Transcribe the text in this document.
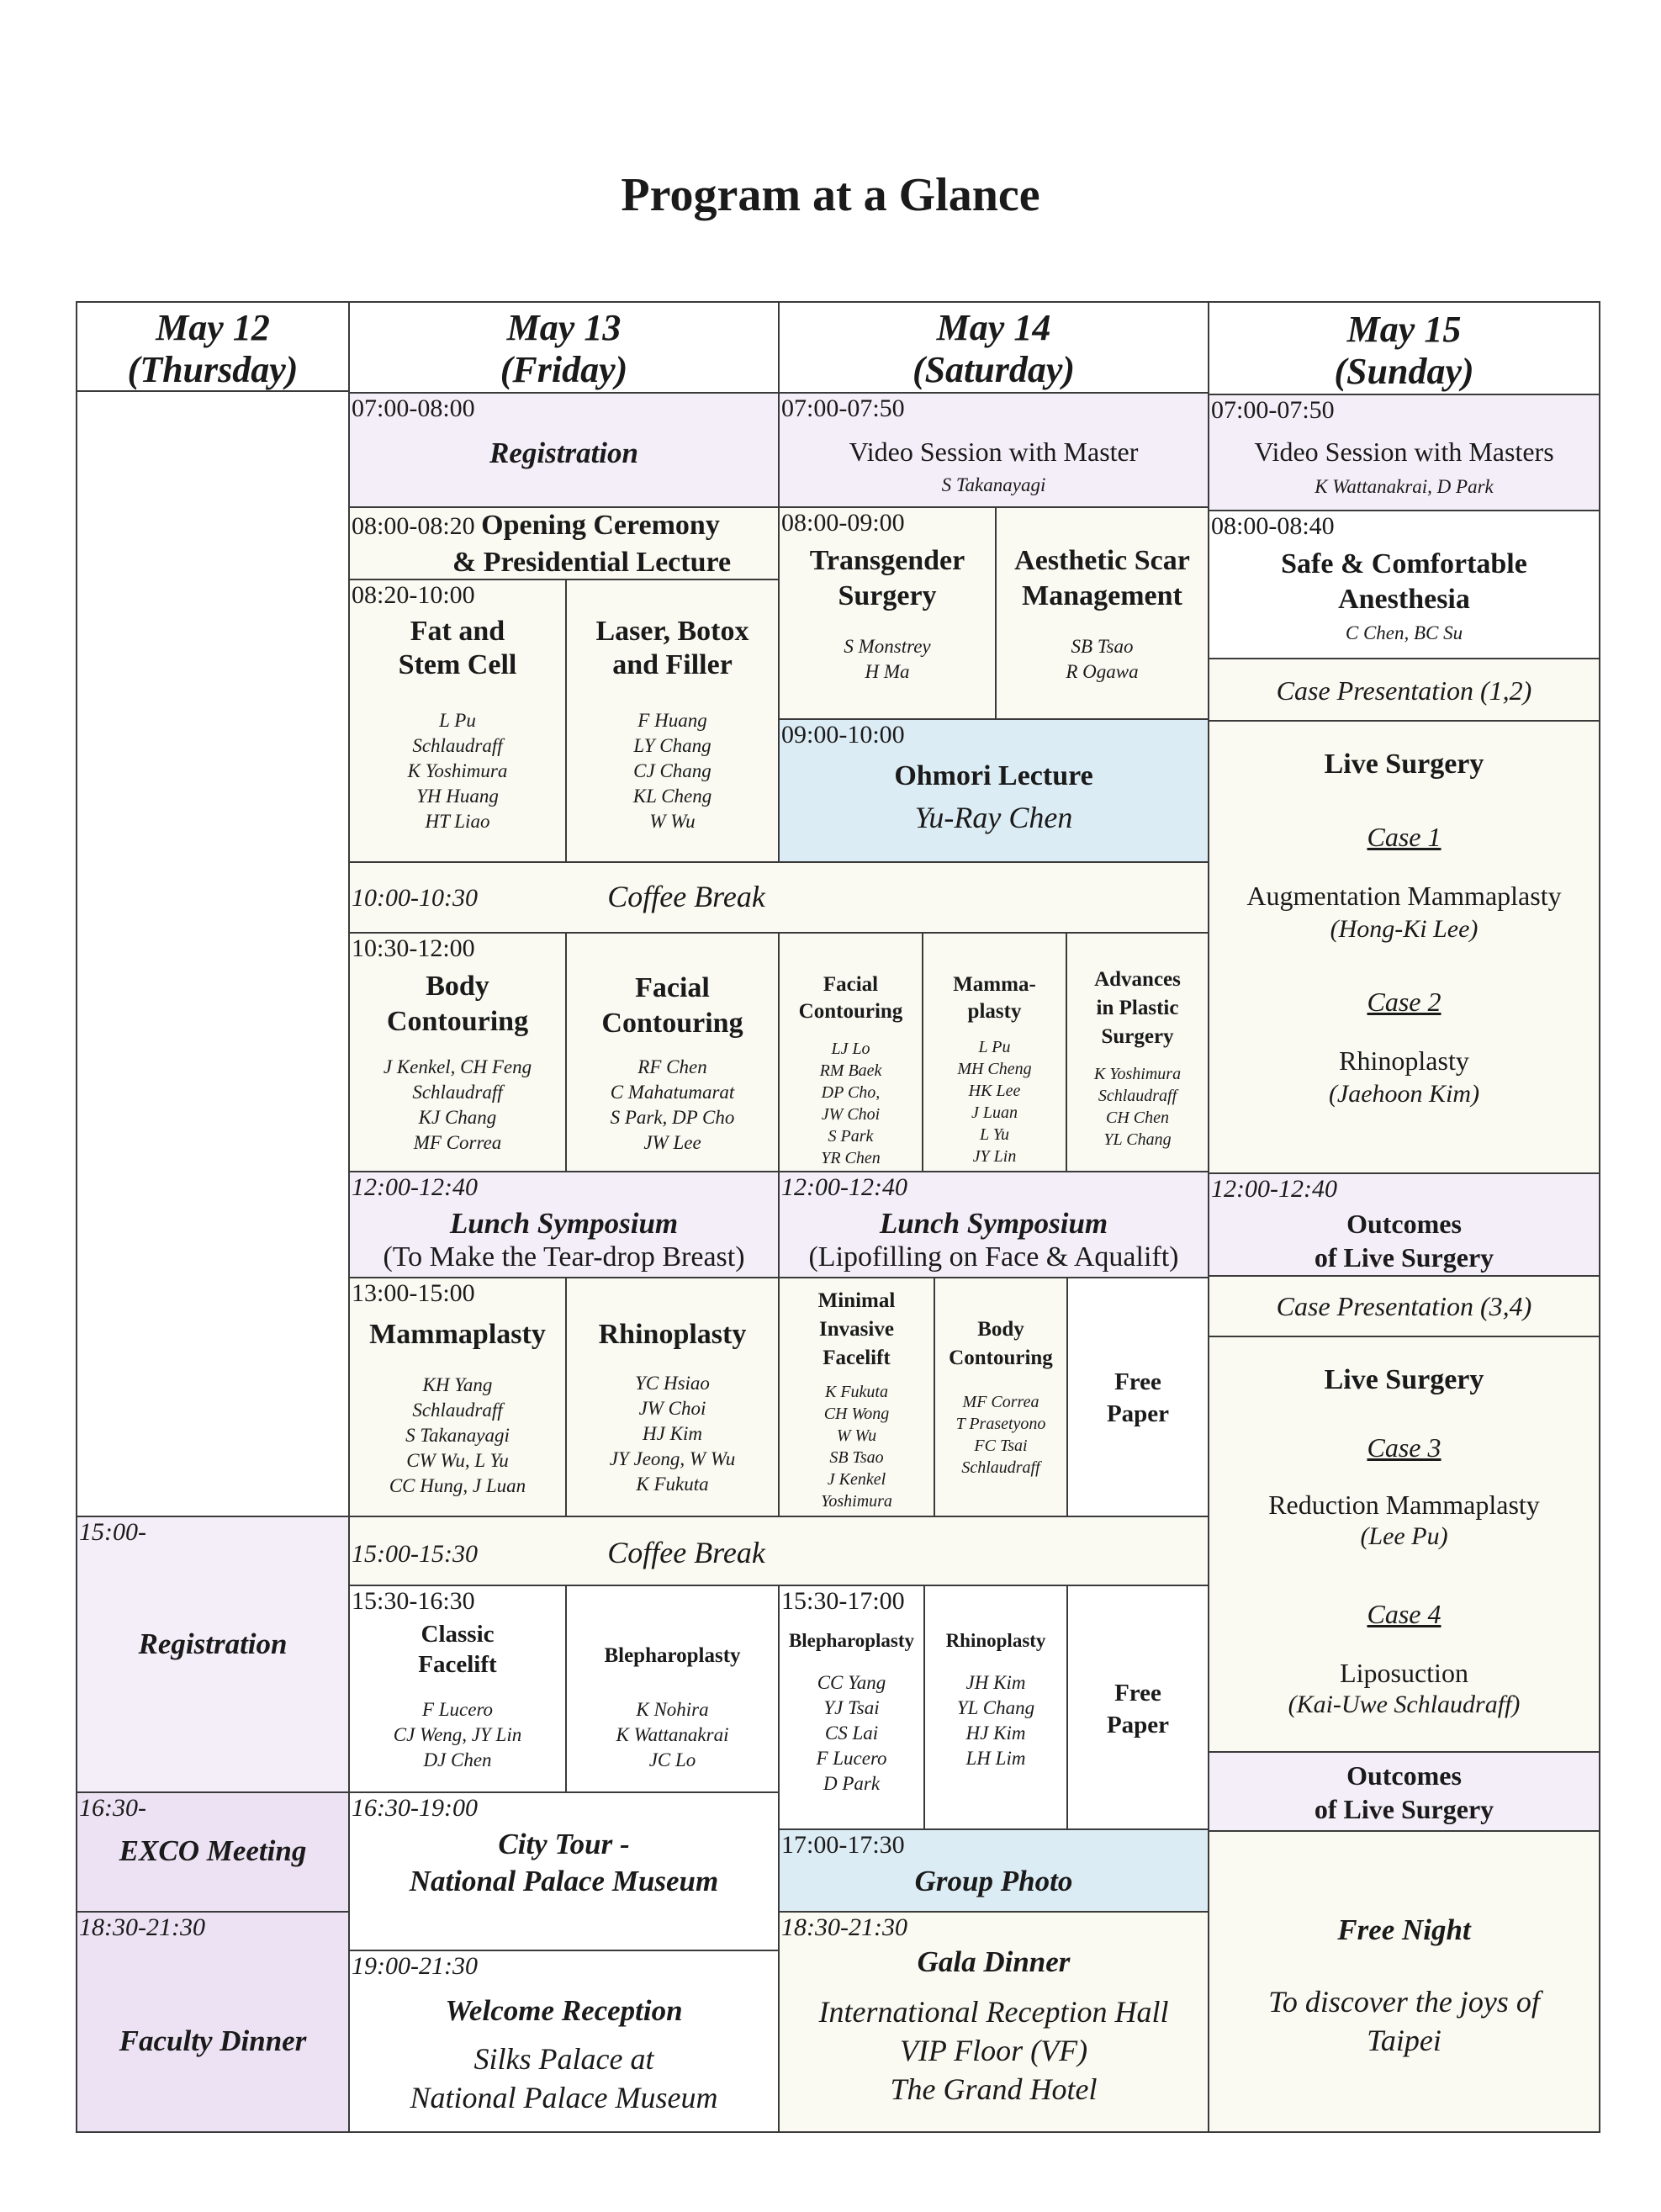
Program at a Glance
May 12
(Thursday)
May 13
(Friday)
May 14
(Saturday)
May 15
(Sunday)
15:00-
Registration
16:30-
EXCO Meeting
18:30-21:30
Faculty Dinner
07:00-08:00
Registration
08:00-08:20 Opening Ceremony
& Presidential Lecture
08:20-10:00
Fat and
Stem Cell
L Pu
Schlaudraff
K Yoshimura
YH Huang
HT Liao
Laser, Botox
and Filler
F Huang
LY Chang
CJ Chang
KL Cheng
W Wu
10:00-10:30	Coffee Break
10:30-12:00
Body
Contouring
J Kenkel, CH Feng
Schlaudraff
KJ Chang
MF Correa
Facial
Contouring
RF Chen
C Mahatumarat
S Park, DP Cho
JW Lee
12:00-12:40
Lunch Symposium
(To Make the Tear-drop Breast)
13:00-15:00
Mammaplasty
KH Yang
Schlaudraff
S Takanayagi
CW Wu, L Yu
CC Hung, J Luan
Rhinoplasty
YC Hsiao
JW Choi
HJ Kim
JY Jeong, W Wu
K Fukuta
15:00-15:30	Coffee Break
15:30-16:30
Classic
Facelift
F Lucero
CJ Weng, JY Lin
DJ Chen
Blepharoplasty
K Nohira
K Wattanakrai
JC Lo
16:30-19:00
City Tour -
National Palace Museum
19:00-21:30
Welcome Reception
Silks Palace at
National Palace Museum
07:00-07:50
Video Session with Master
S Takanayagi
08:00-09:00
Transgender
Surgery
S Monstrey
H Ma
Aesthetic Scar
Management
SB Tsao
R Ogawa
09:00-10:00
Ohmori Lecture
Yu-Ray Chen
Facial
Contouring
LJ Lo
RM Baek
DP Cho,
JW Choi
S Park
YR Chen
Mamma-
plasty
L Pu
MH Cheng
HK Lee
J Luan
L Yu
JY Lin
Advances
in Plastic
Surgery
K Yoshimura
Schlaudraff
CH Chen
YL Chang
12:00-12:40
Lunch Symposium
(Lipofilling on Face & Aqualift)
Minimal
Invasive
Facelift
K Fukuta
CH Wong
W Wu
SB Tsao
J Kenkel
Yoshimura
Body
Contouring
MF Correa
T Prasetyono
FC Tsai
Schlaudraff
Free
Paper
15:30-17:00
Blepharoplasty
CC Yang
YJ Tsai
CS Lai
F Lucero
D Park
Rhinoplasty
JH Kim
YL Chang
HJ Kim
LH Lim
Free
Paper
17:00-17:30
Group Photo
18:30-21:30
Gala Dinner
International Reception Hall
VIP Floor (VF)
The Grand Hotel
07:00-07:50
Video Session with Masters
K Wattanakrai, D Park
08:00-08:40
Safe & Comfortable
Anesthesia
C Chen, BC Su
Case Presentation (1,2)
Live Surgery
Case 1
Augmentation Mammaplasty
(Hong-Ki Lee)
Case 2
Rhinoplasty
(Jaehoon Kim)
12:00-12:40
Outcomes
of Live Surgery
Case Presentation (3,4)
Live Surgery
Case 3
Reduction Mammaplasty
(Lee Pu)
Case 4
Liposuction
(Kai-Uwe Schlaudraff)
Outcomes
of Live Surgery
Free Night
To discover the joys of
Taipei
